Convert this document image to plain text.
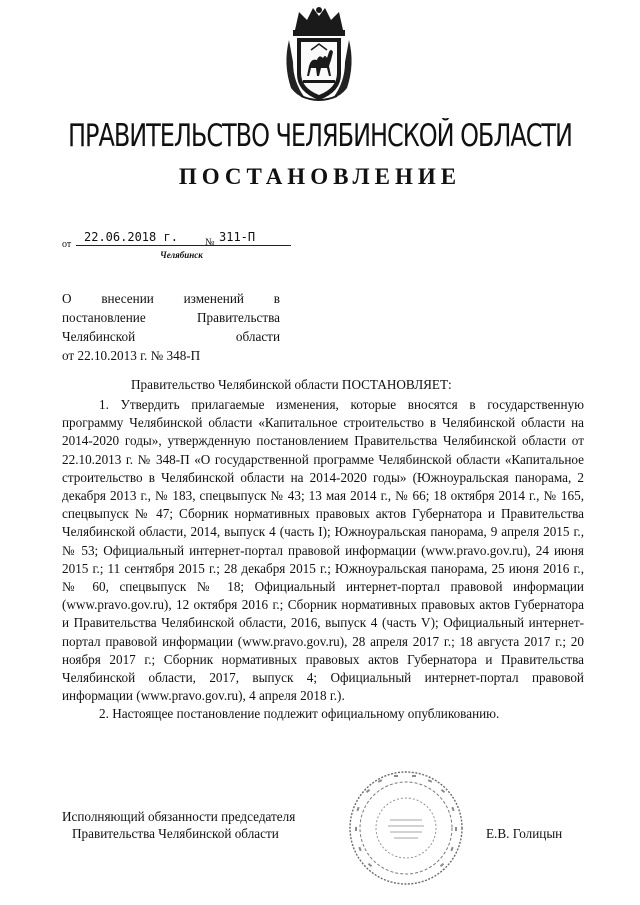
ПРАВИТЕЛЬСТВО ЧЕЛЯБИНСКОЙ ОБЛАСТИ
ПОСТАНОВЛЕНИЕ
от
22.06.2018 г.	№ 311-П
Челябинск
О внесении изменений в
постановление Правительства
Челябинской области
от 22.10.2013 г. № 348-П
Правительство Челябинской области ПОСТАНОВЛЯЕТ:

1. Утвердить прилагаемые изменения, которые вносятся в государственную программу Челябинской области «Капитальное строительство в Челябинской области на 2014-2020 годы», утвержденную постановлением Правительства Челябинской области от 22.10.2013 г. № 348-П «О государственной программе Челябинской области «Капитальное строительство в Челябинской области на 2014-2020 годы» (Южноуральская панорама, 2 декабря 2013 г., № 183, спецвыпуск № 43; 13 мая 2014 г., № 66; 18 октября 2014 г., № 165, спецвыпуск № 47; Сборник нормативных правовых актов Губернатора и Правительства Челябинской области, 2014, выпуск 4 (часть I); Южноуральская панорама, 9 апреля 2015 г., № 53; Официальный интернет-портал правовой информации (www.pravo.gov.ru), 24 июня 2015 г.; 11 сентября 2015 г.; 28 декабря 2015 г.; Южноуральская панорама, 25 июня 2016 г., № 60, спецвыпуск № 18; Официальный интернет-портал правовой информации (www.pravo.gov.ru), 12 октября 2016 г.; Сборник нормативных правовых актов Губернатора и Правительства Челябинской области, 2016, выпуск 4 (часть V); Официальный интернет-портал правовой информации (www.pravo.gov.ru), 28 апреля 2017 г.; 18 августа 2017 г.; 20 ноября 2017 г.; Сборник нормативных правовых актов Губернатора и Правительства Челябинской области, 2017, выпуск 4; Официальный интернет-портал правовой информации (www.pravo.gov.ru), 4 апреля 2018 г.).

2. Настоящее постановление подлежит официальному опубликованию.

Исполняющий обязанности председателя
Правительства Челябинской области	Е.В. Голицын
